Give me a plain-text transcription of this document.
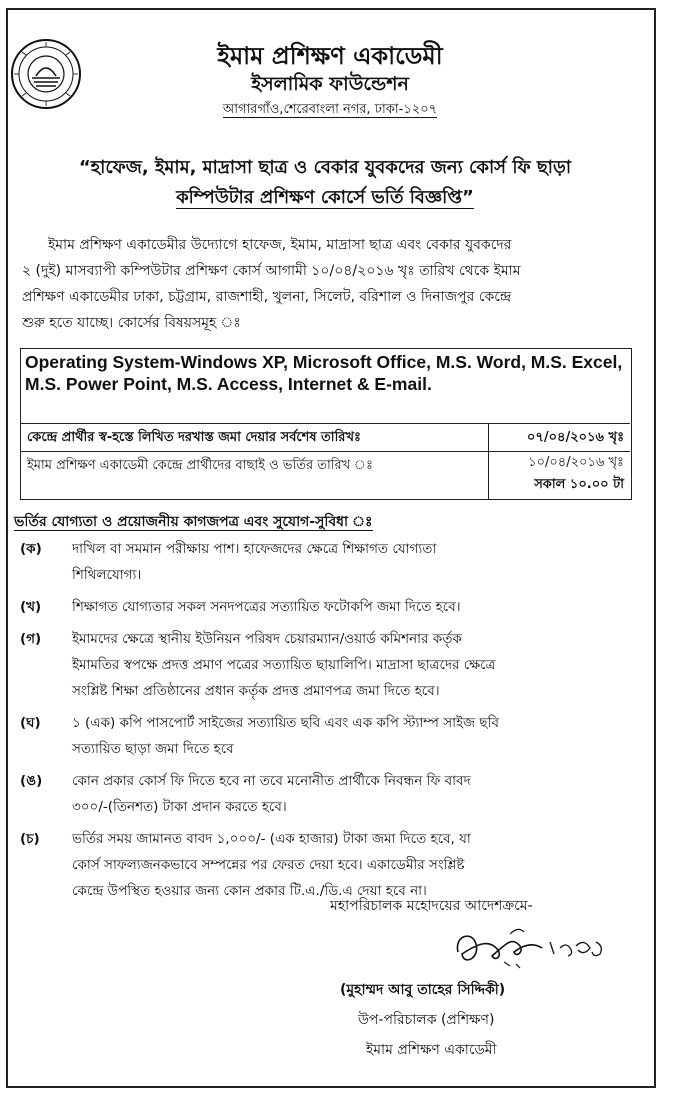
ইমাম প্রশিক্ষণ একাডেমী
ইসলামিক ফাউন্ডেশন
আগারগাঁও,শেরেবাংলা নগর, ঢাকা-১২০৭
“হাফেজ, ইমাম, মাদ্রাসা ছাত্র ও বেকার যুবকদের জন্য কোর্স ফি ছাড়া
কম্পিউটার প্রশিক্ষণ কোর্সে ভর্তি বিজ্ঞপ্তি”
ইমাম প্রশিক্ষণ একাডেমীর উদ্যোগে হাফেজ, ইমাম, মাদ্রাসা ছাত্র এবং বেকার যুবকদের
২ (দুই) মাসব্যাপী কম্পিউটার প্রশিক্ষণ কোর্স আগামী ১০/০৪/২০১৬ খৃঃ তারিখ থেকে ইমাম
প্রশিক্ষণ একাডেমীর ঢাকা, চট্টগ্রাম, রাজশাহী, খুলনা, সিলেট, বরিশাল ও দিনাজপুর কেন্দ্রে
শুরু হতে যাচ্ছে। কোর্সের বিষয়সমূহ ঃ
Operating System-Windows XP, Microsoft Office, M.S. Word, M.S. Excel, M.S. Power Point, M.S. Access, Internet & E-mail.
কেন্দ্রে প্রার্থীর স্ব-হস্তে লিখিত দরখাস্ত জমা দেয়ার সর্বশেষ তারিখঃ	০৭/০৪/২০১৬ খৃঃ
ইমাম প্রশিক্ষণ একাডেমী কেন্দ্রে প্রার্থীদের বাছাই ও ভর্তির তারিখ ঃ	১০/০৪/২০১৬ খৃঃ
সকাল ১০.০০ টা
ভর্তির যোগ্যতা ও প্রয়োজনীয় কাগজপত্র এবং সুযোগ-সুবিধা ঃ
(ক)	দাখিল বা সমমান পরীক্ষায় পাশ। হাফেজদের ক্ষেত্রে শিক্ষাগত যোগ্যতা
শিথিলযোগ্য।
(খ)	শিক্ষাগত যোগ্যতার সকল সনদপত্রের সত্যায়িত ফটোকপি জমা দিতে হবে।
(গ)	ইমামদের ক্ষেত্রে স্থানীয় ইউনিয়ন পরিষদ চেয়ারম্যান/ওয়ার্ড কমিশনার কর্তৃক
ইমামতির স্বপক্ষে প্রদত্ত প্রমাণ পত্রের সত্যায়িত ছায়ালিপি। মাদ্রাসা ছাত্রদের ক্ষেত্রে
সংশ্লিষ্ট শিক্ষা প্রতিষ্ঠানের প্রধান কর্তৃক প্রদত্ত প্রমাণপত্র জমা দিতে হবে।
(ঘ)	১ (এক) কপি পাসপোর্ট সাইজের সত্যায়িত ছবি এবং এক কপি স্ট্যাম্প সাইজ ছবি
সত্যায়িত ছাড়া জমা দিতে হবে
(ঙ)	কোন প্রকার কোর্স ফি দিতে হবে না তবে মনোনীত প্রার্থীকে নিবন্ধন ফি বাবদ
৩০০/-(তিনশত) টাকা প্রদান করতে হবে।
(চ)	ভর্তির সময় জামানত বাবদ ১,০০০/- (এক হাজার) টাকা জমা দিতে হবে, যা
কোর্স সাফল্যজনকভাবে সম্পন্নের পর ফেরত দেয়া হবে। একাডেমীর সংশ্লিষ্ট
কেন্দ্রে উপস্থিত হওয়ার জন্য কোন প্রকার টি.এ./ডি.এ দেয়া হবে না।
মহাপরিচালক মহোদয়ের আদেশক্রমে-
(মুহাম্মদ আবু তাহের সিদ্দিকী)
উপ-পরিচালক (প্রশিক্ষণ)
ইমাম প্রশিক্ষণ একাডেমী
